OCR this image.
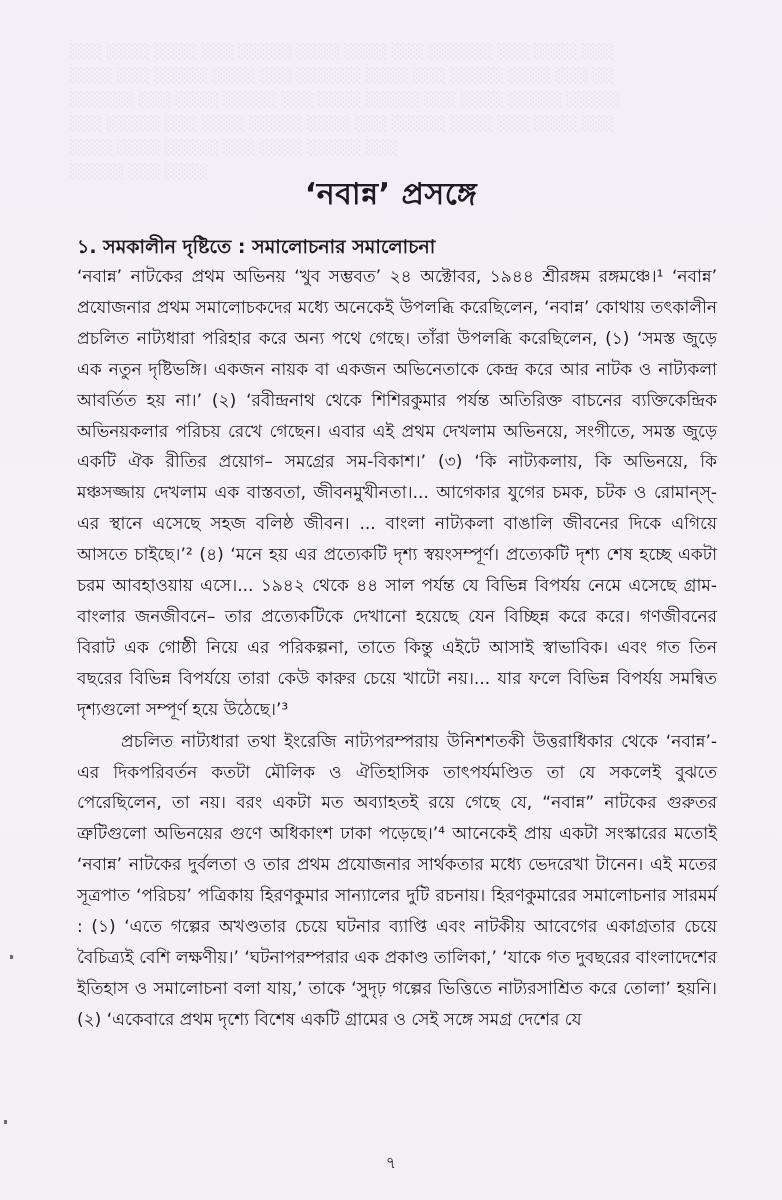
░░░ ░░░░ ░░░░ ░░░ ░░░░░ ░░░░ ░░░░ ░░░ ░░░░░░ ░░░ ░░░░ ░░░
░░░░ ░░░ ░░░░░ ░░░░ ░░░ ░░░░░░ ░░░░ ░░░ ░░░░░ ░░░░ ░░░ ░░
░░░░░░ ░░░ ░░░░ ░░░░░ ░░░ ░░░░ ░░░░░ ░░░ ░░░░ ░░░░░ ░░░░░
░░░ ░░░░░ ░░░ ░░░░ ░░░░░ ░░░░ ░░░ ░░░░░ ░░░░ ░░░ ░░░░ ░░░
░░░░ ░░░░ ░░░░░ ░░░ ░░░░ ░░░░░ ░░░
░░░░░ ░░░ ░░░░
‘নবান্ন’ প্রসঙ্গে
১. সমকালীন দৃষ্টিতে : সমালোচনার সমালোচনা

‘নবান্ন’ নাটকের প্রথম অভিনয় ‘খুব সম্ভবত’ ২৪ অক্টোবর, ১৯৪৪ শ্রীরঙ্গম রঙ্গমঞ্চে।¹ ‘নবান্ন’ প্রযোজনার প্রথম সমালোচকদের মধ্যে অনেকেই উপলব্ধি করেছিলেন, ‘নবান্ন’ কোথায় তৎকালীন প্রচলিত নাট্যধারা পরিহার করে অন্য পথে গেছে। তাঁরা উপলব্ধি করেছিলেন, (১) ‘সমস্ত জুড়ে এক নতুন দৃষ্টিভঙ্গি। একজন নায়ক বা একজন অভিনেতাকে কেন্দ্র করে আর নাটক ও নাট্যকলা আবর্তিত হয় না।’ (২) ‘রবীন্দ্রনাথ থেকে শিশিরকুমার পর্যন্ত অতিরিক্ত বাচনের ব্যক্তিকেন্দ্রিক অভিনয়কলার পরিচয় রেখে গেছেন। এবার এই প্রথম দেখলাম অভিনয়ে, সংগীতে, সমস্ত জুড়ে একটি ঐক রীতির প্রয়োগ– সমগ্রের সম-বিকাশ।’ (৩) ‘কি নাট্যকলায়, কি অভিনয়ে, কি মঞ্চসজ্জায় দেখলাম এক বাস্তবতা, জীবনমুখীনতা।... আগেকার যুগের চমক, চটক ও রোমান্স্-এর স্থানে এসেছে সহজ বলিষ্ঠ জীবন। ... বাংলা নাট্যকলা বাঙালি জীবনের দিকে এগিয়ে আসতে চাইছে।’² (৪) ‘মনে হয় এর প্রত্যেকটি দৃশ্য স্বয়ংসম্পূর্ণ। প্রত্যেকটি দৃশ্য শেষ হচ্ছে একটা চরম আবহাওয়ায় এসে।... ১৯৪২ থেকে ৪৪ সাল পর্যন্ত যে বিভিন্ন বিপর্যয় নেমে এসেছে গ্রাম-বাংলার জনজীবনে– তার প্রত্যেকটিকে দেখানো হয়েছে যেন বিচ্ছিন্ন করে করে। গণজীবনের বিরাট এক গোষ্ঠী নিয়ে এর পরিকল্পনা, তাতে কিন্তু এইটে আসাই স্বাভাবিক। এবং গত তিন বছরের বিভিন্ন বিপর্যয়ে তারা কেউ কারুর চেয়ে খাটো নয়।... যার ফলে বিভিন্ন বিপর্যয় সমন্বিত দৃশ্যগুলো সম্পূর্ণ হয়ে উঠেছে।’³

প্রচলিত নাট্যধারা তথা ইংরেজি নাট্যপরম্পরায় উনিশশতকী উত্তরাধিকার থেকে ‘নবান্ন’-এর দিকপরিবর্তন কতটা মৌলিক ও ঐতিহাসিক তাৎপর্যমণ্ডিত তা যে সকলেই বুঝতে পেরেছিলেন, তা নয়। বরং একটা মত অব্যাহতই রয়ে গেছে যে, “নবান্ন” নাটকের গুরুতর ত্রুটিগুলো অভিনয়ের গুণে অধিকাংশ ঢাকা পড়েছে।’⁴ আনেকেই প্রায় একটা সংস্কারের মতোই ‘নবান্ন’ নাটকের দুর্বলতা ও তার প্রথম প্রযোজনার সার্থকতার মধ্যে ভেদরেখা টানেন। এই মতের সূত্রপাত ‘পরিচয়’ পত্রিকায় হিরণকুমার সান্যালের দুটি রচনায়। হিরণকুমারের সমালোচনার সারমর্ম : (১) ‘এতে গল্পের অখণ্ডতার চেয়ে ঘটনার ব্যাপ্তি এবং নাটকীয় আবেগের একাগ্রতার চেয়ে বৈচিত্র্যই বেশি লক্ষণীয়।’ ‘ঘটনাপরম্পরার এক প্রকাণ্ড তালিকা,’ ‘যাকে গত দুবছরের বাংলাদেশের ইতিহাস ও সমালোচনা বলা যায়,’ তাকে ‘সুদৃঢ় গল্পের ভিত্তিতে নাট্যরসাশ্রিত করে তোলা’ হয়নি। (২) ‘একেবারে প্রথম দৃশ্যে বিশেষ একটি গ্রামের ও সেই সঙ্গে সমগ্র দেশের যে

৭
